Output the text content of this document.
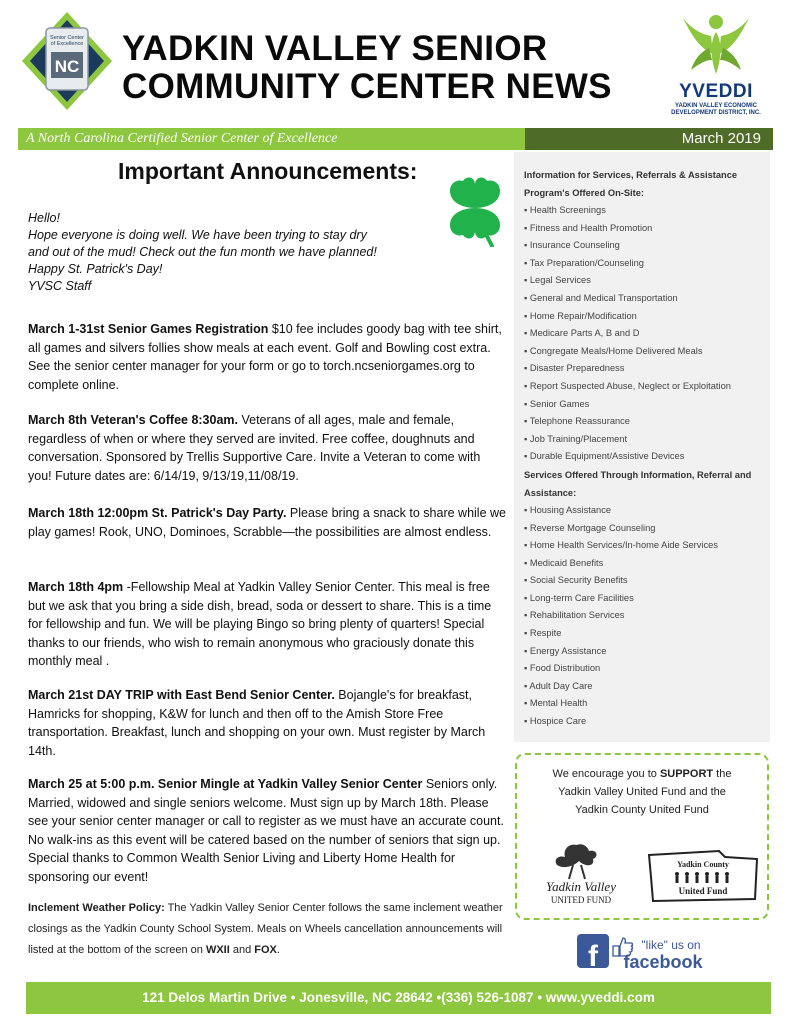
Senior Center
of Excellence
NC YADKIN VALLEY SENIOR
COMMUNITY CENTER NEWS	YVEDDI
YADKIN VALLEY ECONOMIC
DEVELOPMENT DISTRICT, INC.
A North Carolina Certified Senior Center of Excellence	March 2019
Important Announcements:
Hello!
Hope everyone is doing well. We have been trying to stay dry
and out of the mud! Check out the fun month we have planned!
Happy St. Patrick's Day!
YVSC Staff
March 1-31st Senior Games Registration $10 fee includes goody bag with tee shirt, all games and silvers follies show meals at each event. Golf and Bowling cost extra. See the senior center manager for your form or go to torch.ncseniorgames.org to complete online.
March 8th Veteran's Coffee 8:30am. Veterans of all ages, male and female, regardless of when or where they served are invited. Free coffee, doughnuts and conversation. Sponsored by Trellis Supportive Care. Invite a Veteran to come with you! Future dates are: 6/14/19, 9/13/19,11/08/19.
March 18th 12:00pm St. Patrick's Day Party. Please bring a snack to share while we play games! Rook, UNO, Dominoes, Scrabble—the possibilities are almost endless.
March 18th 4pm -Fellowship Meal at Yadkin Valley Senior Center. This meal is free but we ask that you bring a side dish, bread, soda or dessert to share. This is a time for fellowship and fun. We will be playing Bingo so bring plenty of quarters! Special thanks to our friends, who wish to remain anonymous who graciously donate this monthly meal .
March 21st DAY TRIP with East Bend Senior Center. Bojangle's for breakfast, Hamricks for shopping, K&W for lunch and then off to the Amish Store Free transportation. Breakfast, lunch and shopping on your own. Must register by March 14th.
March 25 at 5:00 p.m. Senior Mingle at Yadkin Valley Senior Center Seniors only. Married, widowed and single seniors welcome. Must sign up by March 18th. Please see your senior center manager or call to register as we must have an accurate count. No walk-ins as this event will be catered based on the number of seniors that sign up. Special thanks to Common Wealth Senior Living and Liberty Home Health for sponsoring our event!
Inclement Weather Policy: The Yadkin Valley Senior Center follows the same inclement weather closings as the Yadkin County School System. Meals on Wheels cancellation announcements will listed at the bottom of the screen on WXII and FOX.
Information for Services, Referrals & Assistance
Program's Offered On-Site:
▪ Health Screenings
▪ Fitness and Health Promotion
▪ Insurance Counseling
▪ Tax Preparation/Counseling
▪ Legal Services
▪ General and Medical Transportation
▪ Home Repair/Modification
▪ Medicare Parts A, B and D
▪ Congregate Meals/Home Delivered Meals
▪ Disaster Preparedness
▪ Report Suspected Abuse, Neglect or Exploitation
▪ Senior Games
▪ Telephone Reassurance
▪ Job Training/Placement
▪ Durable Equipment/Assistive Devices
Services Offered Through Information, Referral and Assistance:
▪ Housing Assistance
▪ Reverse Mortgage Counseling
▪ Home Health Services/In-home Aide Services
▪ Medicaid Benefits
▪ Social Security Benefits
▪ Long-term Care Facilities
▪ Rehabilitation Services
▪ Respite
▪ Energy Assistance
▪ Food Distribution
▪ Adult Day Care
▪ Mental Health
▪ Hospice Care
We encourage you to SUPPORT the
Yadkin Valley United Fund and the
Yadkin County United Fund
Yadkin Valley
UNITED FUND
Yadkin County
United Fund
f	"like" us on
facebook
121 Delos Martin Drive • Jonesville, NC 28642 •(336) 526-1087 • www.yveddi.com
